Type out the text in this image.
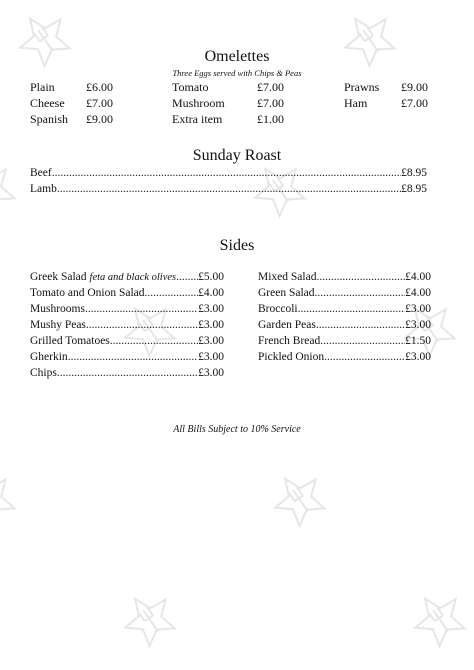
Omelettes
Three Eggs served with Chips & Peas
Plain	£6.00
Cheese £7.00
Spanish £9.00
Tomato	£7.00
Mushroom	£7.00
Extra item	£1.00
Prawns £9.00
Ham	£7.00
Sunday Roast
Beef .....	£8.95
Lamb .....	£8.95
Sides
Greek Salad feta and black olives ..... £5.00
Tomato and Onion Salad .....	£4.00
Mushrooms .....	£3.00
Mushy Peas .....	£3.00
Grilled Tomatoes .....	£3.00
Gherkin .....	£3.00
Chips .....	£3.00
Mixed Salad .....	£4.00
Green Salad .....	£4.00
Broccoli .....	£3.00
Garden Peas .....	£3.00
French Bread .....	£1.50
Pickled Onion .....	£3.00
All Bills Subject to 10% Service
